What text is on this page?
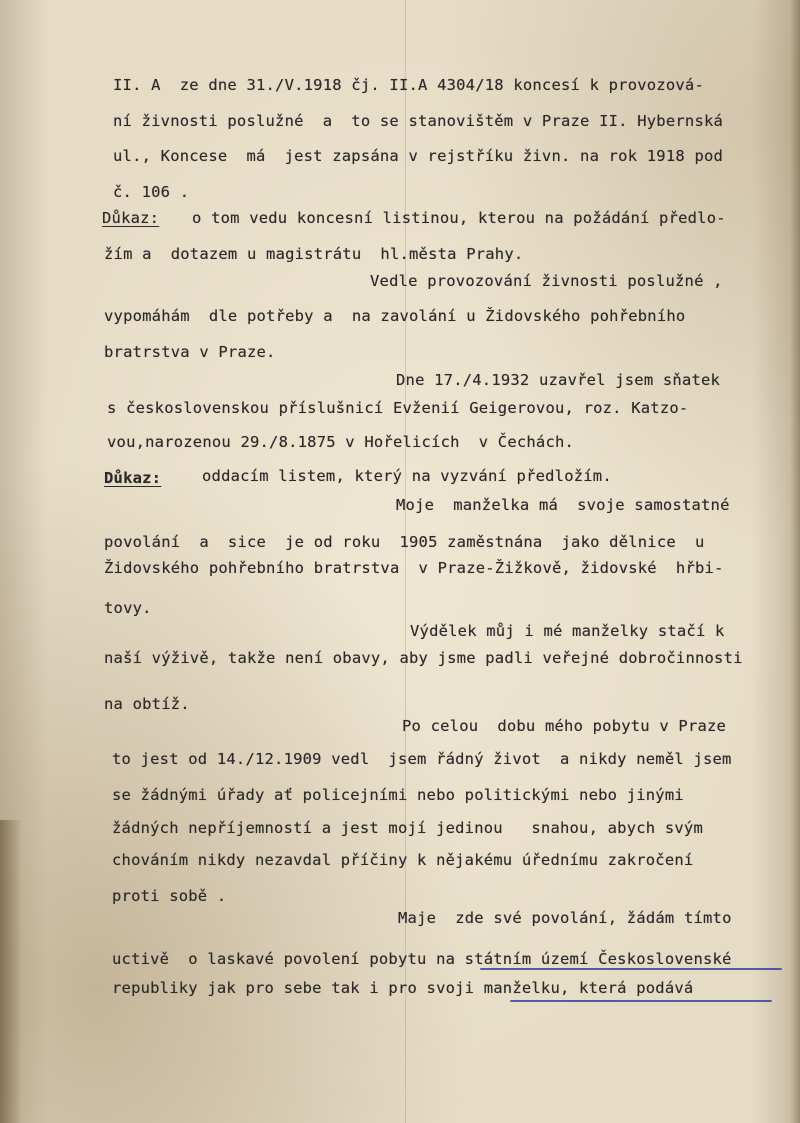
II. A  ze dne 31./V.1918 čj. II.A 4304/18 koncesí k provozová-
ní živnosti poslužné  a  to se stanovištěm v Praze II. Hybernská
ul., Koncese  má  jest zapsána v rejstříku živn. na rok 1918 pod
č. 106 .
Důkaz: o tom vedu koncesní listinou, kterou na požádání předlo-
žím a  dotazem u magistrátu  hl.města Prahy.
Vedle provozování živnosti poslužné ,
vypomáhám  dle potřeby a  na zavolání u Židovského pohřebního
bratrstva v Praze.
Dne 17./4.1932 uzavřel jsem sňatek
s československou příslušnicí Evženií Geigerovou, roz. Katzo-
vou,narozenou 29./8.1875 v Hořelicích  v Čechách.
Důkaz:	oddacím listem, který na vyzvání předložím.
Moje  manželka má  svoje samostatné
povolání  a  sice  je od roku  1905 zaměstnána  jako dělnice  u
Židovského pohřebního bratrstva  v Praze-Žižkově, židovské  hřbi-
tovy.
Výdělek můj i mé manželky stačí k
naší výživě, takže není obavy, aby jsme padli veřejné dobročinnosti
na obtíž.
Po celou  dobu mého pobytu v Praze
to jest od 14./12.1909 vedl  jsem řádný život  a nikdy neměl jsem
se žádnými úřady ať policejními nebo politickými nebo jinými
žádných nepříjemností a jest mojí jedinou   snahou, abych svým
chováním nikdy nezavdal příčiny k nějakému úřednímu zakročení
proti sobě .
Maje  zde své povolání, žádám tímto
uctivě  o laskavé povolení pobytu na státním území Československé
republiky jak pro sebe tak i pro svoji manželku, která podává
